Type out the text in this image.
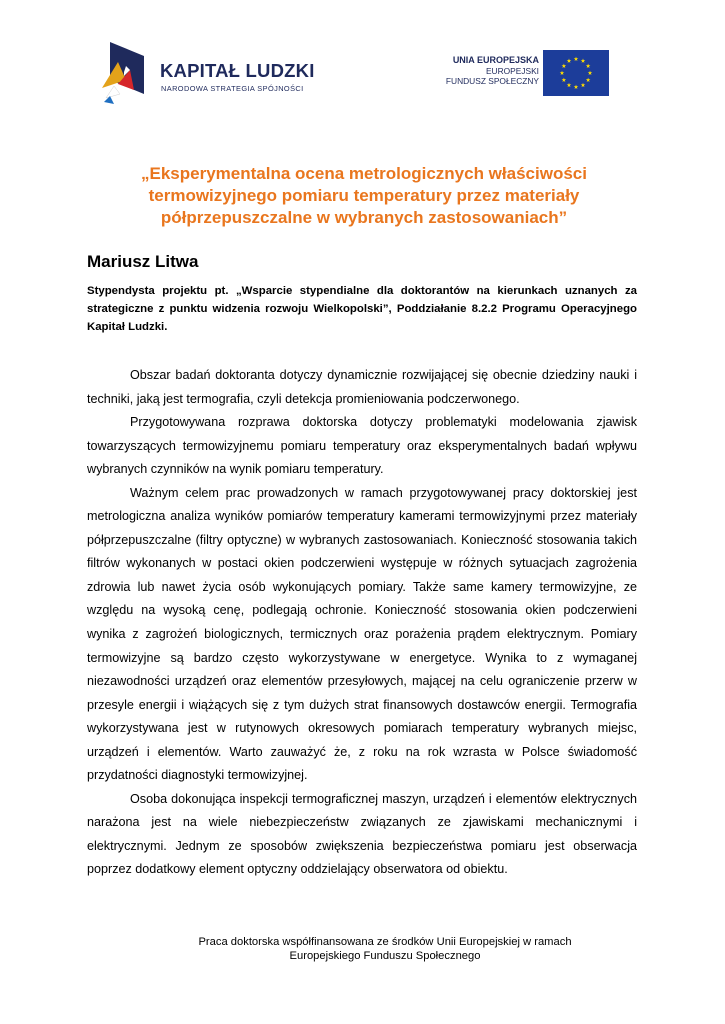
KAPITAŁ LUDZKI
NARODOWA STRATEGIA SPÓJNOŚCI
UNIA EUROPEJSKA
EUROPEJSKI
FUNDUSZ SPOŁECZNY
„Eksperymentalna ocena metrologicznych właściwości termowizyjnego pomiaru temperatury przez materiały półprzepuszczalne w wybranych zastosowaniach”
Mariusz Litwa
Stypendysta projektu pt. „Wsparcie stypendialne dla doktorantów na kierunkach uznanych za strategiczne z punktu widzenia rozwoju Wielkopolski”, Poddziałanie 8.2.2 Programu Operacyjnego Kapitał Ludzki.

Obszar badań doktoranta dotyczy dynamicznie rozwijającej się obecnie dziedziny nauki i techniki, jaką jest termografia, czyli detekcja promieniowania podczerwonego.

Przygotowywana rozprawa doktorska dotyczy problematyki modelowania zjawisk towarzyszących termowizyjnemu pomiaru temperatury oraz eksperymentalnych badań wpływu wybranych czynników na wynik pomiaru temperatury.

Ważnym celem prac prowadzonych w ramach przygotowywanej pracy doktorskiej jest metrologiczna analiza wyników pomiarów temperatury kamerami termowizyjnymi przez materiały półprzepuszczalne (filtry optyczne) w wybranych zastosowaniach. Konieczność stosowania takich filtrów wykonanych w postaci okien podczerwieni występuje w różnych sytuacjach zagrożenia zdrowia lub nawet życia osób wykonujących pomiary. Także same kamery termowizyjne, ze względu na wysoką cenę, podlegają ochronie. Konieczność stosowania okien podczerwieni wynika z zagrożeń biologicznych, termicznych oraz porażenia prądem elektrycznym. Pomiary termowizyjne są bardzo często wykorzystywane w energetyce. Wynika to z wymaganej niezawodności urządzeń oraz elementów przesyłowych, mającej na celu ograniczenie przerw w przesyle energii i wiążących się z tym dużych strat finansowych dostawców energii. Termografia wykorzystywana jest w rutynowych okresowych pomiarach temperatury wybranych miejsc, urządzeń i elementów. Warto zauważyć że, z roku na rok wzrasta w Polsce świadomość przydatności diagnostyki termowizyjnej.

Osoba dokonująca inspekcji termograficznej maszyn, urządzeń i elementów elektrycznych narażona jest na wiele niebezpieczeństw związanych ze zjawiskami mechanicznymi i elektrycznymi. Jednym ze sposobów zwiększenia bezpieczeństwa pomiaru jest obserwacja poprzez dodatkowy element optyczny oddzielający obserwatora od obiektu.

Praca doktorska współfinansowana ze środków Unii Europejskiej w ramach
Europejskiego Funduszu Społecznego
